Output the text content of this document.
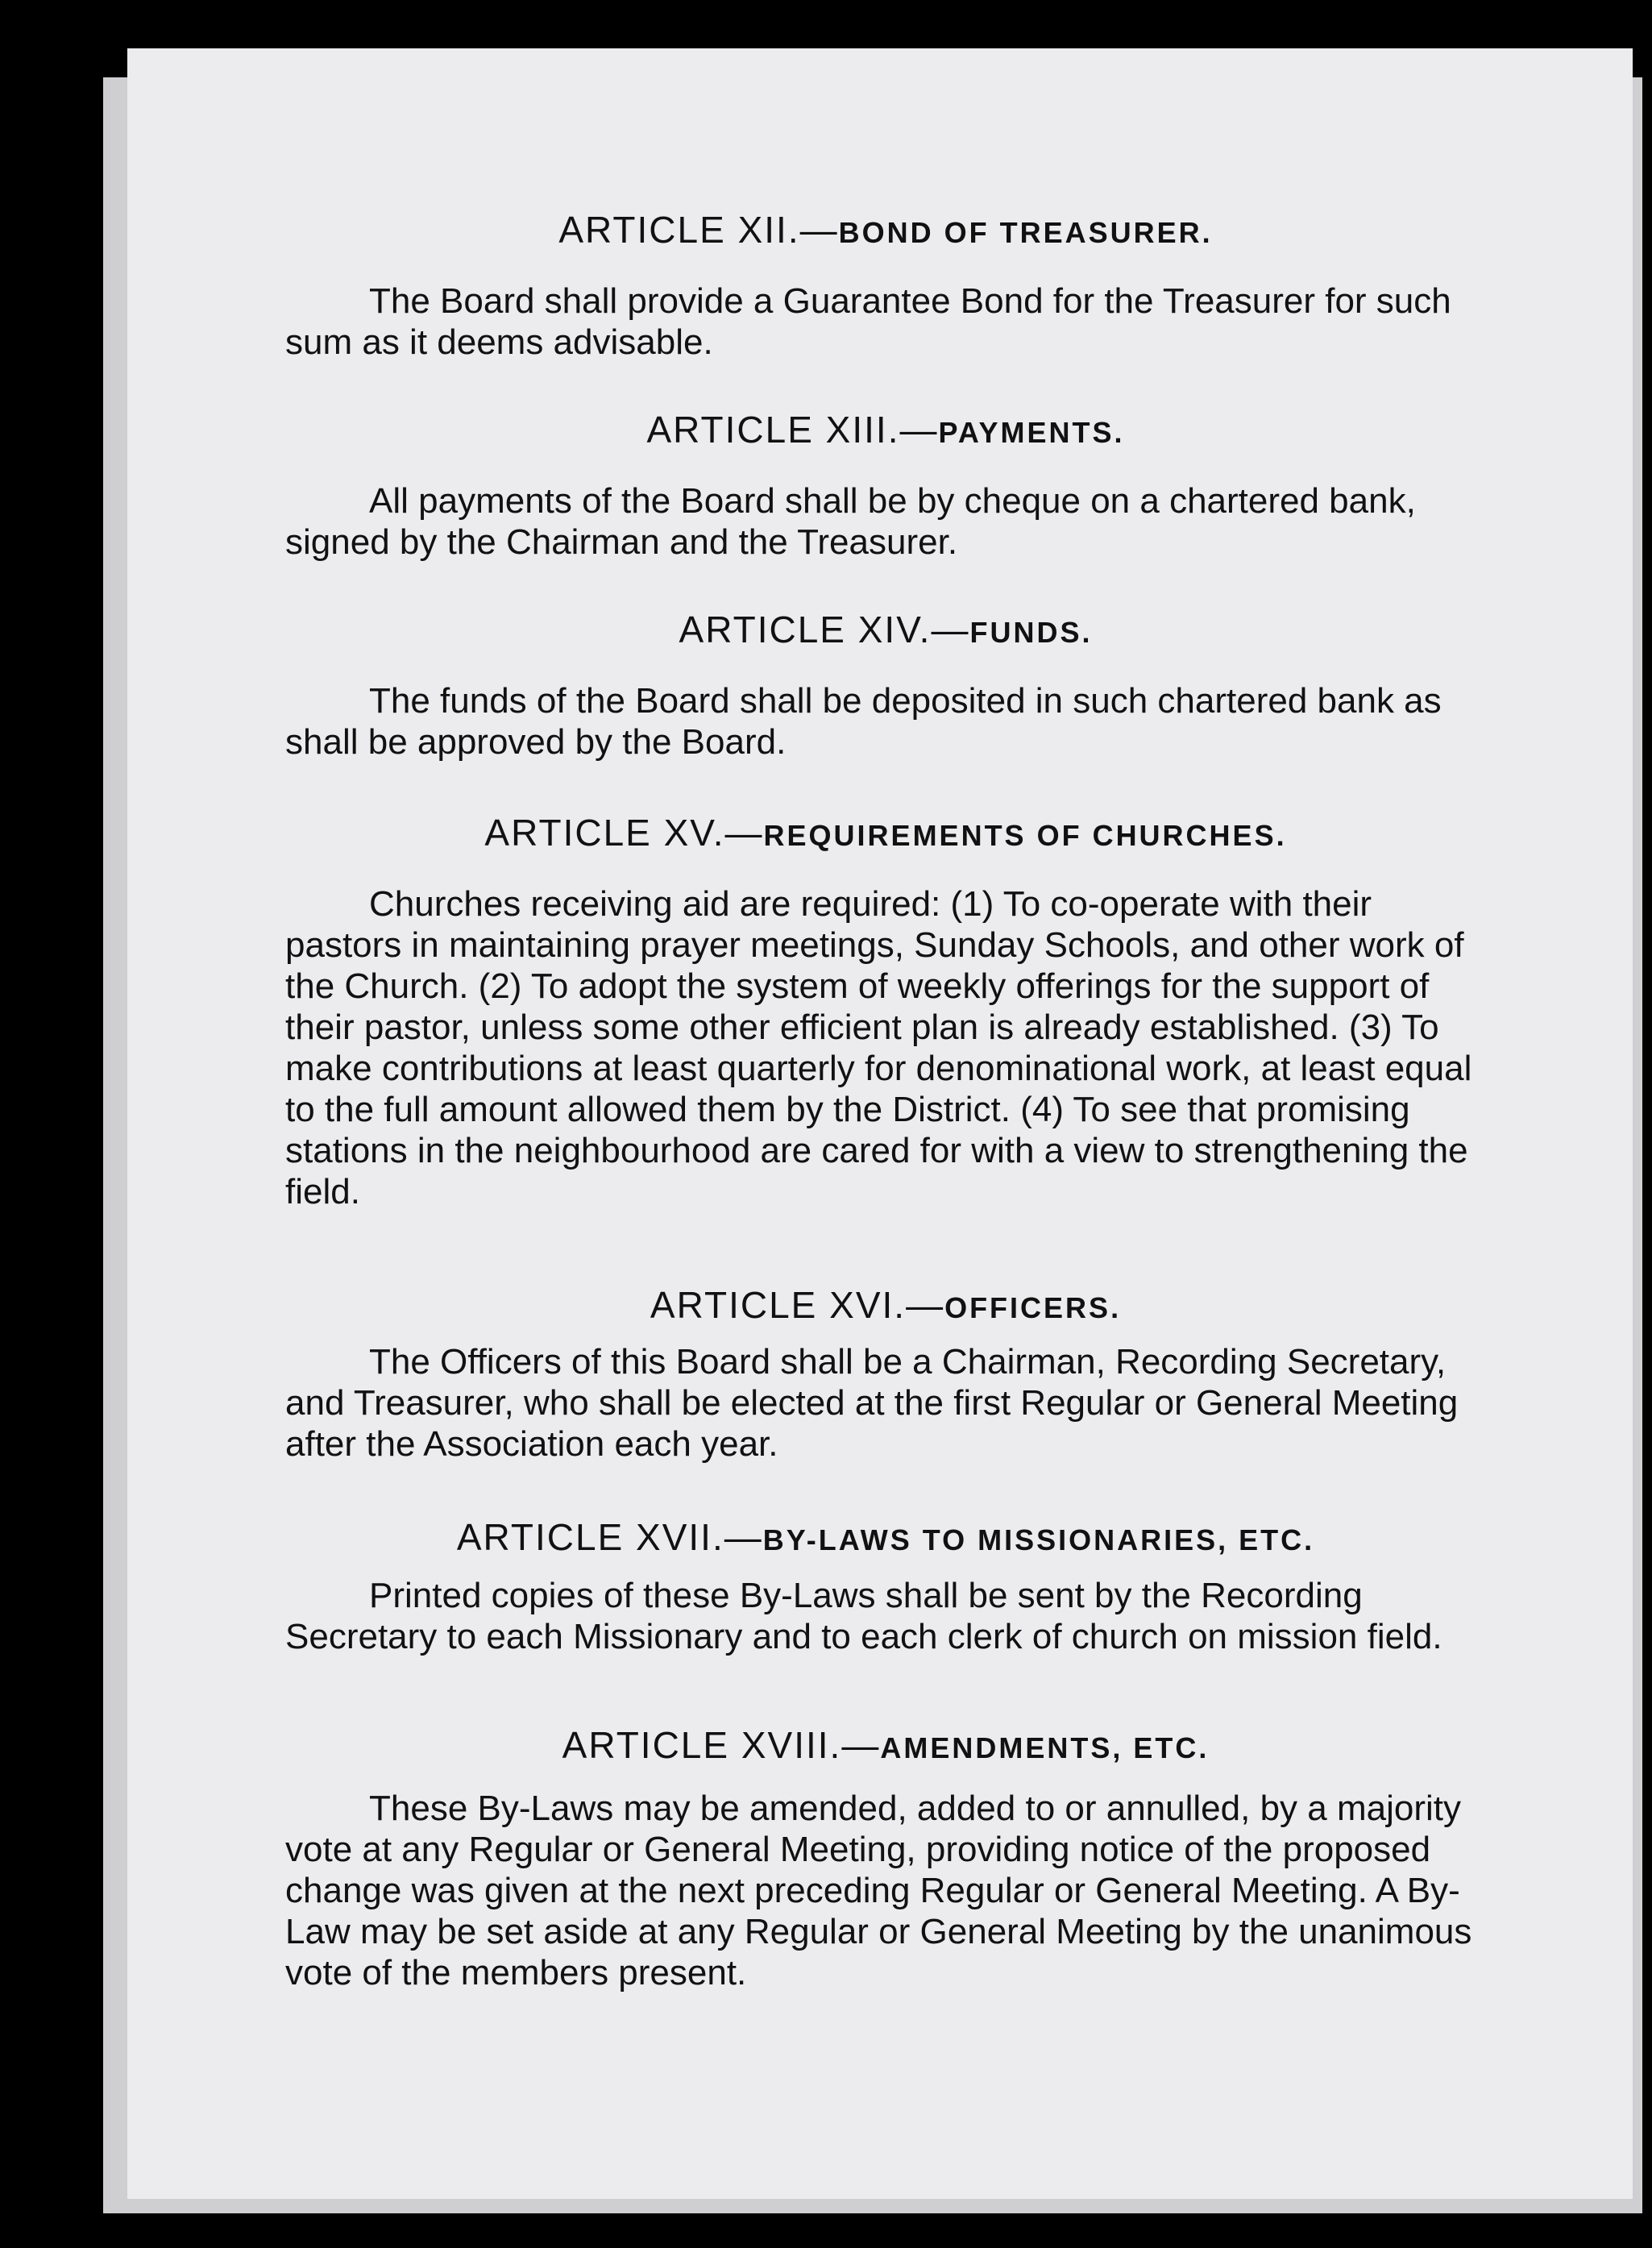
ARTICLE XII.—BOND OF TREASURER.
The Board shall provide a Guarantee Bond for the Treasurer for such sum as it deems advisable.
ARTICLE XIII.—PAYMENTS.
All payments of the Board shall be by cheque on a chartered bank, signed by the Chairman and the Treasurer.
ARTICLE XIV.—FUNDS.
The funds of the Board shall be deposited in such chartered bank as shall be approved by the Board.
ARTICLE XV.—REQUIREMENTS OF CHURCHES.
Churches receiving aid are required: (1) To co-operate with their pastors in maintaining prayer meetings, Sunday Schools, and other work of the Church. (2) To adopt the system of weekly offerings for the support of their pastor, unless some other efficient plan is already established. (3) To make contributions at least quarterly for denominational work, at least equal to the full amount allowed them by the District. (4) To see that promising stations in the neighbourhood are cared for with a view to strengthening the field.
ARTICLE XVI.—OFFICERS.
The Officers of this Board shall be a Chairman, Recording Secretary, and Treasurer, who shall be elected at the first Regular or General Meeting after the Association each year.
ARTICLE XVII.—BY-LAWS TO MISSIONARIES, ETC.
Printed copies of these By-Laws shall be sent by the Recording Secretary to each Missionary and to each clerk of church on mission field.
ARTICLE XVIII.—AMENDMENTS, ETC.
These By-Laws may be amended, added to or annulled, by a majority vote at any Regular or General Meeting, providing notice of the proposed change was given at the next preceding Regular or General Meeting. A By-Law may be set aside at any Regular or General Meeting by the unanimous vote of the members present.
